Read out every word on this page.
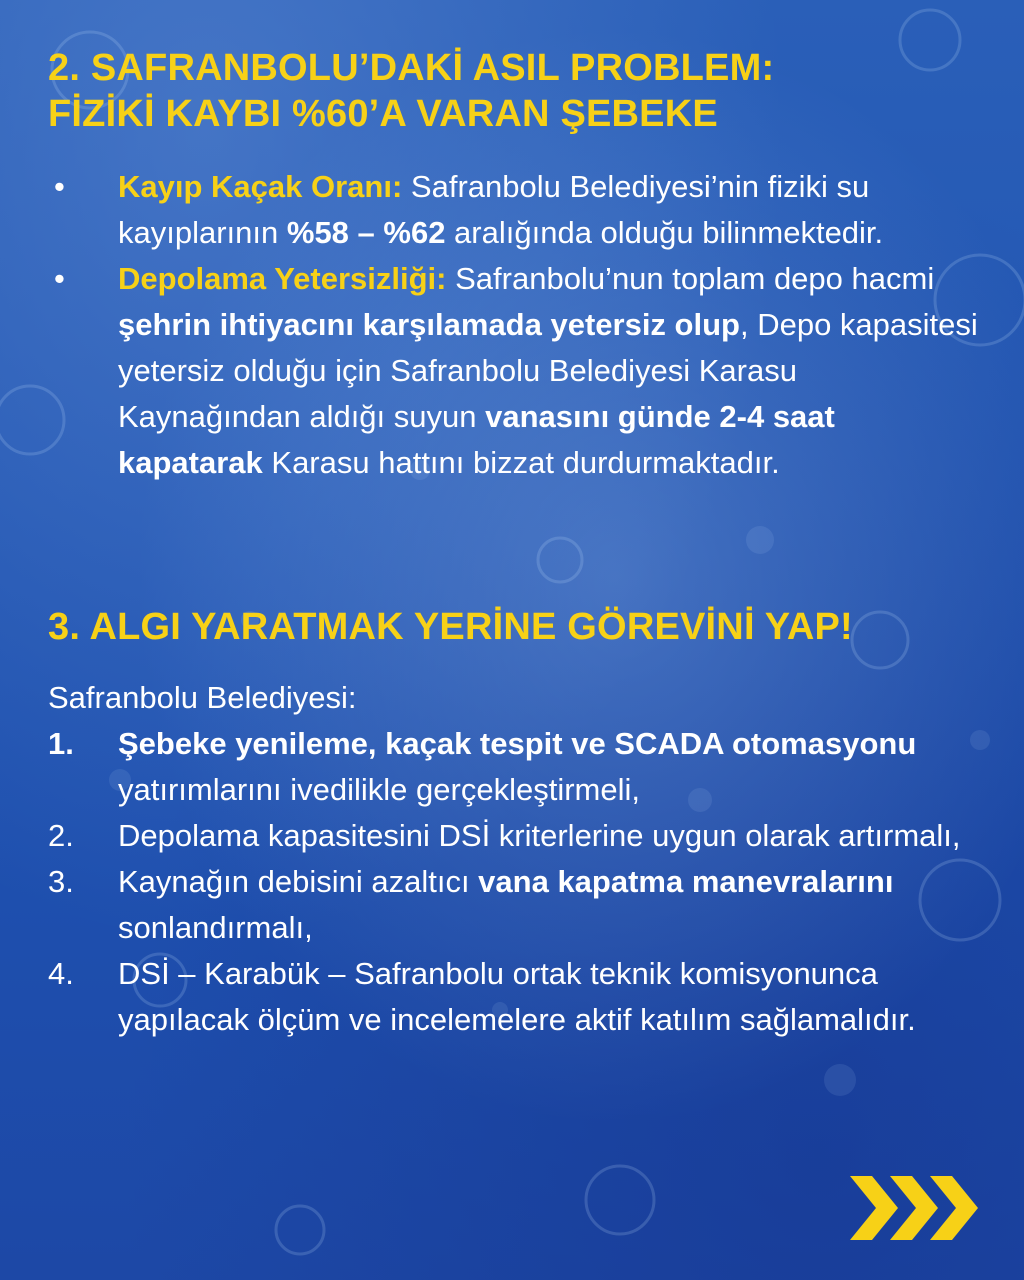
2. SAFRANBOLU’DAKİ ASIL PROBLEM:
FİZİKİ KAYBI %60’A VARAN ŞEBEKE
• Kayıp Kaçak Oranı: Safranbolu Belediyesi’nin fiziki su kayıplarının %58 – %62 aralığında olduğu bilinmektedir.
• Depolama Yetersizliği: Safranbolu’nun toplam depo hacmi şehrin ihtiyacını karşılamada yetersiz olup, Depo kapasitesi yetersiz olduğu için Safranbolu Belediyesi Karasu Kaynağından aldığı suyun vanasını günde 2-4 saat kapatarak Karasu hattını bizzat durdurmaktadır.
3. ALGI YARATMAK YERİNE GÖREVİNİ YAP!
Safranbolu Belediyesi:
1. Şebeke yenileme, kaçak tespit ve SCADA otomasyonu yatırımlarını ivedilikle gerçekleştirmeli,
2. Depolama kapasitesini DSİ kriterlerine uygun olarak artırmalı,
3. Kaynağın debisini azaltıcı vana kapatma manevralarını sonlandırmalı,
4. DSİ – Karabük – Safranbolu ortak teknik komisyonunca yapılacak ölçüm ve incelemelere aktif katılım sağlamalıdır.
